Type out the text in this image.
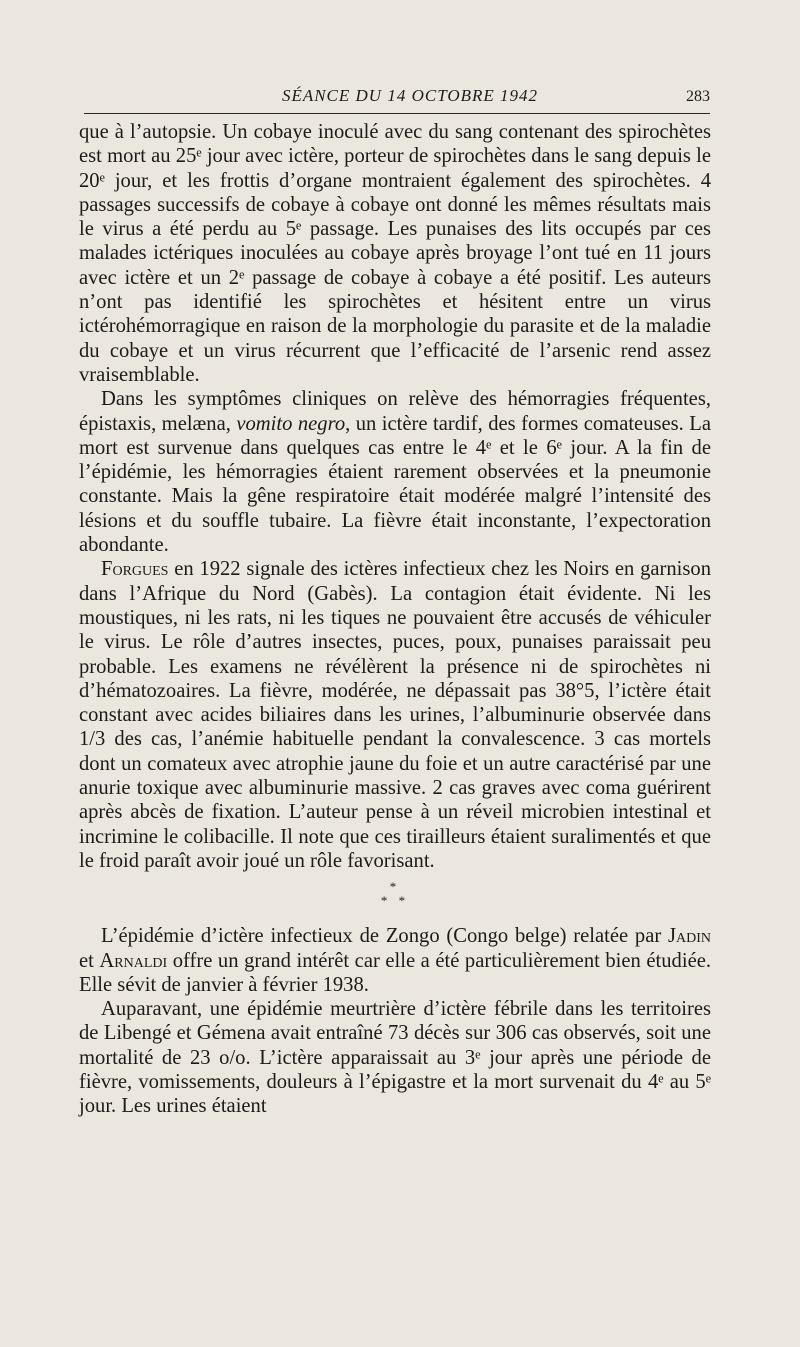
SÉANCE DU 14 OCTOBRE 1942	283

que à l’autopsie. Un cobaye inoculé avec du sang contenant des spirochètes est mort au 25ᵉ jour avec ictère, porteur de spirochètes dans le sang depuis le 20ᵉ jour, et les frottis d’organe montraient également des spirochètes. 4 passages successifs de cobaye à cobaye ont donné les mêmes résultats mais le virus a été perdu au 5ᵉ passage. Les punaises des lits occupés par ces malades ictériques inoculées au cobaye après broyage l’ont tué en 11 jours avec ictère et un 2ᵉ passage de cobaye à cobaye a été positif. Les auteurs n’ont pas identifié les spirochètes et hésitent entre un virus ictérohémorragique en raison de la morphologie du parasite et de la maladie du cobaye et un virus récurrent que l’efficacité de l’arsenic rend assez vraisemblable.

Dans les symptômes cliniques on relève des hémorragies fréquentes, épistaxis, melæna, vomito negro, un ictère tardif, des formes comateuses. La mort est survenue dans quelques cas entre le 4ᵉ et le 6ᵉ jour. A la fin de l’épidémie, les hémorragies étaient rarement observées et la pneumonie constante. Mais la gêne respiratoire était modérée malgré l’intensité des lésions et du souffle tubaire. La fièvre était inconstante, l’expectoration abondante.

Forgues en 1922 signale des ictères infectieux chez les Noirs en garnison dans l’Afrique du Nord (Gabès). La contagion était évidente. Ni les moustiques, ni les rats, ni les tiques ne pouvaient être accusés de véhiculer le virus. Le rôle d’autres insectes, puces, poux, punaises paraissait peu probable. Les examens ne révélèrent la présence ni de spirochètes ni d’hématozoaires. La fièvre, modérée, ne dépassait pas 38°5, l’ictère était constant avec acides biliaires dans les urines, l’albuminurie observée dans 1/3 des cas, l’anémie habituelle pendant la convalescence. 3 cas mortels dont un comateux avec atrophie jaune du foie et un autre caractérisé par une anurie toxique avec albuminurie massive. 2 cas graves avec coma guérirent après abcès de fixation. L’auteur pense à un réveil microbien intestinal et incrimine le colibacille. Il note que ces tirailleurs étaient suralimentés et que le froid paraît avoir joué un rôle favorisant.

*
* *

L’épidémie d’ictère infectieux de Zongo (Congo belge) relatée par Jadin et Arnaldi offre un grand intérêt car elle a été particulièrement bien étudiée. Elle sévit de janvier à février 1938.

Auparavant, une épidémie meurtrière d’ictère fébrile dans les territoires de Libengé et Gémena avait entraîné 73 décès sur 306 cas observés, soit une mortalité de 23 o/o. L’ictère apparaissait au 3ᵉ jour après une période de fièvre, vomissements, douleurs à l’épigastre et la mort survenait du 4ᵉ au 5ᵉ jour. Les urines étaient
